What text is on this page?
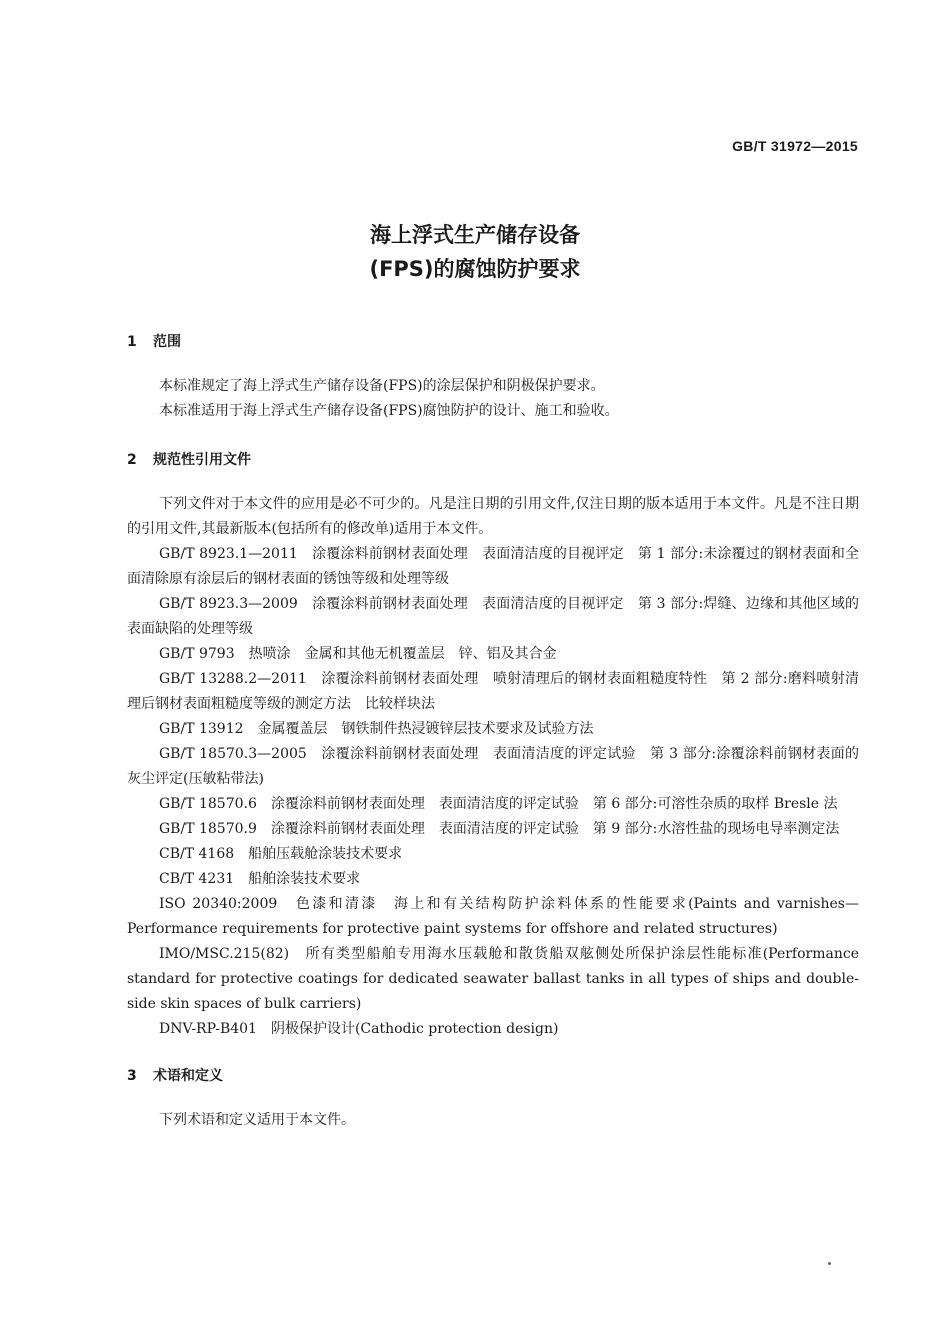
GB/T 31972—2015
海上浮式生产储存设备
(FPS)的腐蚀防护要求
1 范围

本标准规定了海上浮式生产储存设备(FPS)的涂层保护和阴极保护要求。

本标准适用于海上浮式生产储存设备(FPS)腐蚀防护的设计、施工和验收。

2 规范性引用文件

下列文件对于本文件的应用是必不可少的。凡是注日期的引用文件,仅注日期的版本适用于本文件。凡是不注日期的引用文件,其最新版本(包括所有的修改单)适用于本文件。

GB/T 8923.1—2011　涂覆涂料前钢材表面处理　表面清洁度的目视评定　第 1 部分:未涂覆过的钢材表面和全面清除原有涂层后的钢材表面的锈蚀等级和处理等级

GB/T 8923.3—2009　涂覆涂料前钢材表面处理　表面清洁度的目视评定　第 3 部分:焊缝、边缘和其他区域的表面缺陷的处理等级

GB/T 9793　热喷涂　金属和其他无机覆盖层　锌、铝及其合金

GB/T 13288.2—2011　涂覆涂料前钢材表面处理　喷射清理后的钢材表面粗糙度特性　第 2 部分:磨料喷射清理后钢材表面粗糙度等级的测定方法　比较样块法

GB/T 13912　金属覆盖层　钢铁制件热浸镀锌层技术要求及试验方法

GB/T 18570.3—2005　涂覆涂料前钢材表面处理　表面清洁度的评定试验　第 3 部分:涂覆涂料前钢材表面的灰尘评定(压敏粘带法)

GB/T 18570.6　涂覆涂料前钢材表面处理　表面清洁度的评定试验　第 6 部分:可溶性杂质的取样 Bresle 法

GB/T 18570.9　涂覆涂料前钢材表面处理　表面清洁度的评定试验　第 9 部分:水溶性盐的现场电导率测定法

CB/T 4168　船舶压载舱涂装技术要求

CB/T 4231　船舶涂装技术要求

ISO 20340:2009　色漆和清漆　海上和有关结构防护涂料体系的性能要求(Paints and varnishes—Performance requirements for protective paint systems for offshore and related structures)

IMO/MSC.215(82)　所有类型船舶专用海水压载舱和散货船双舷侧处所保护涂层性能标准(Performance standard for protective coatings for dedicated seawater ballast tanks in all types of ships and double-side skin spaces of bulk carriers)

DNV-RP-B401　阴极保护设计(Cathodic protection design)

3 术语和定义

下列术语和定义适用于本文件。
